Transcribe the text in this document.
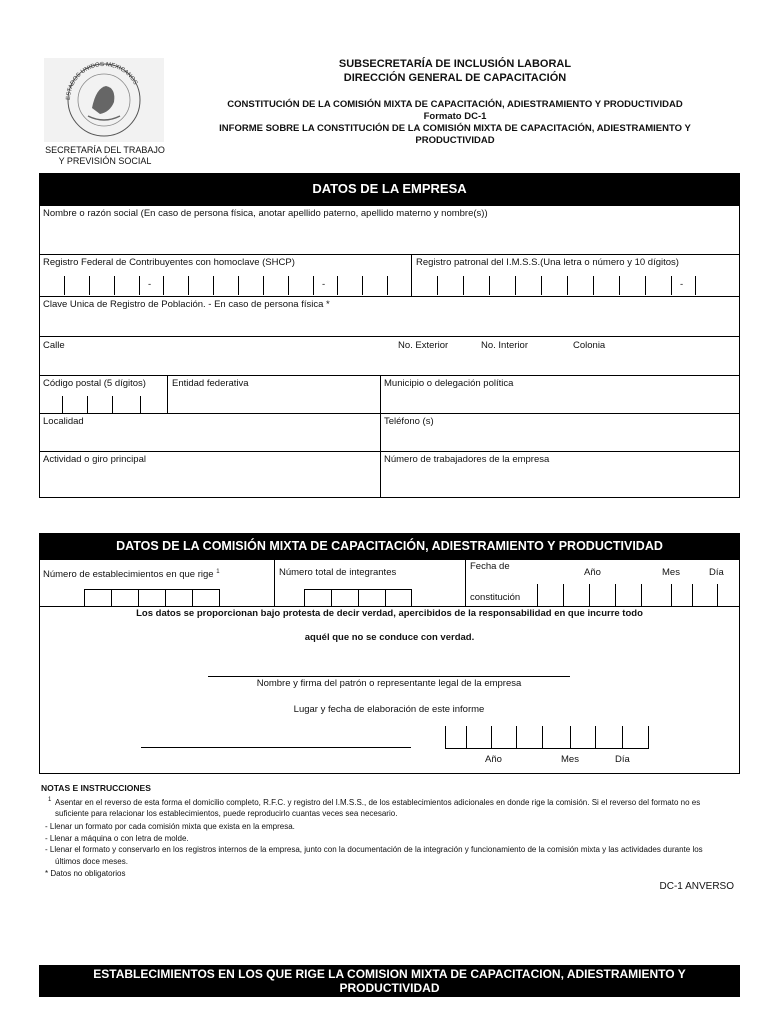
ESTADOS UNIDOS MEXICANOS
SECRETARÍA DEL TRABAJO
Y PREVISIÓN SOCIAL
SUBSECRETARÍA DE INCLUSIÓN LABORAL
DIRECCIÓN GENERAL DE CAPACITACIÓN
CONSTITUCIÓN DE LA COMISIÓN MIXTA DE CAPACITACIÓN, ADIESTRAMIENTO Y PRODUCTIVIDAD
Formato DC-1
INFORME SOBRE LA CONSTITUCIÓN DE LA COMISIÓN MIXTA DE CAPACITACIÓN, ADIESTRAMIENTO Y PRODUCTIVIDAD
DATOS DE LA EMPRESA
Nombre o razón social (En caso de persona física, anotar apellido paterno, apellido materno y nombre(s))
Registro Federal de Contribuyentes con homoclave (SHCP)
-	-
Registro patronal del I.M.S.S.(Una letra o número y 10 dígitos)
-
Clave Unica de Registro de Población. - En caso de persona física *
Calle	No. Exterior	No. Interior	Colonia
Código postal (5 dígitos)	Entidad federativa	Municipio o delegación política
Localidad	Teléfono (s)
Actividad o giro principal	Número de trabajadores de la empresa
DATOS DE LA COMISIÓN MIXTA DE CAPACITACIÓN, ADIESTRAMIENTO Y PRODUCTIVIDAD
Número de establecimientos en que rige $^1$	Número total de integrantes
Fecha de
constitución
Año	Mes	Día
Los datos se proporcionan bajo protesta de decir verdad, apercibidos de la responsabilidad en que incurre todo
aquél que no se conduce con verdad.
Nombre y firma del patrón o representante legal de la empresa
Lugar y fecha de elaboración de este informe
Año	Mes	Día
NOTAS E INSTRUCCIONES
$^1$ Asentar en el reverso de esta forma el domicilio completo, R.F.C. y registro del I.M.S.S., de los establecimientos adicionales en donde rige la comisión. Si el reverso del formato no es
suficiente para relacionar los establecimientos, puede reproducirlo cuantas veces sea necesario.
- Llenar un formato por cada comisión mixta que exista en la empresa.
- Llenar a máquina o con letra de molde.
- Llenar el formato y conservarlo en los registros internos de la empresa, junto con la documentación de la integración y funcionamiento de la comisión mixta y las actividades durante los
últimos doce meses.
* Datos no obligatorios
DC-1 ANVERSO
ESTABLECIMIENTOS EN LOS QUE RIGE LA COMISION MIXTA DE CAPACITACION, ADIESTRAMIENTO Y
PRODUCTIVIDAD
